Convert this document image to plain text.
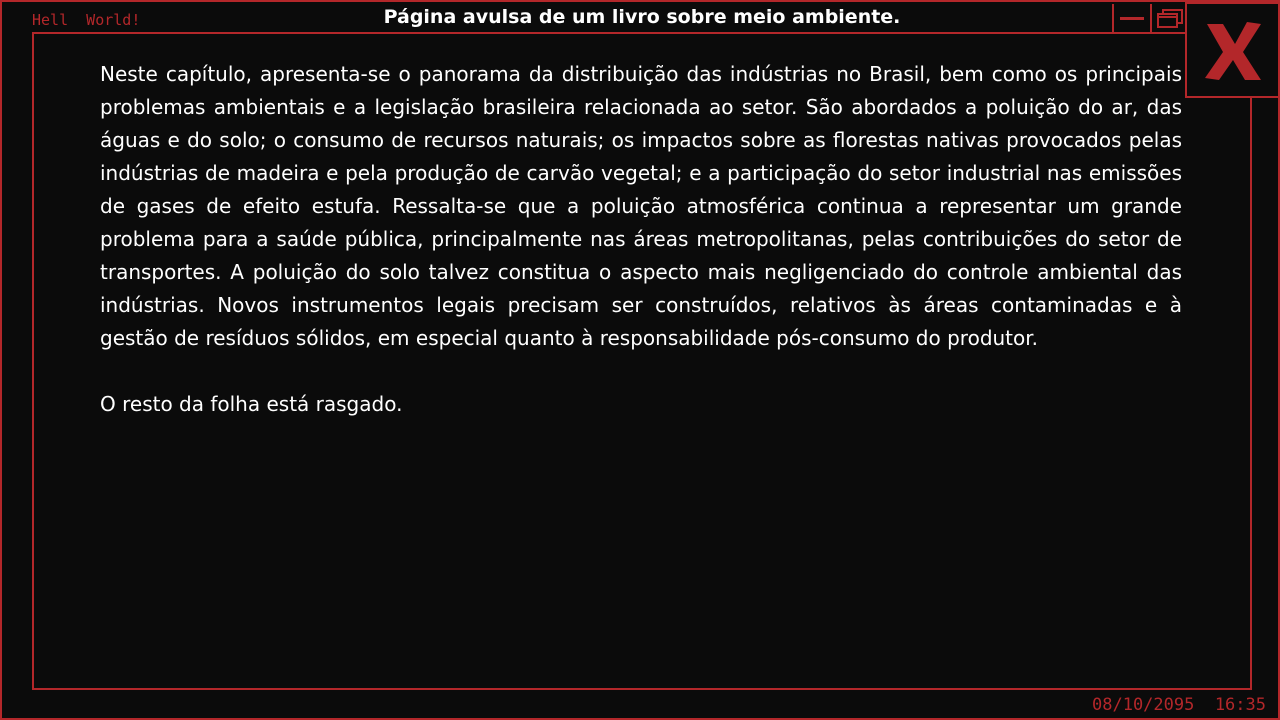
Hell  World!	Página avulsa de um livro sobre meio ambiente.

Neste capítulo, apresenta-se o panorama da distribuição das indústrias no Brasil, bem como os principais problemas ambientais e a legislação brasileira relacionada ao setor. São abordados a poluição do ar, das águas e do solo; o consumo de recursos naturais; os impactos sobre as florestas nativas provocados pelas indústrias de madeira e pela produção de carvão vegetal; e a participação do setor industrial nas emissões de gases de efeito estufa. Ressalta-se que a poluição atmosférica continua a representar um grande problema para a saúde pública, principalmente nas áreas metropolitanas, pelas contribuições do setor de transportes. A poluição do solo talvez constitua o aspecto mais negligenciado do controle ambiental das indústrias. Novos instrumentos legais precisam ser construídos, relativos às áreas contaminadas e à gestão de resíduos sólidos, em especial quanto à responsabilidade pós-consumo do produtor.

O resto da folha está rasgado.

08/10/2095  16:35
